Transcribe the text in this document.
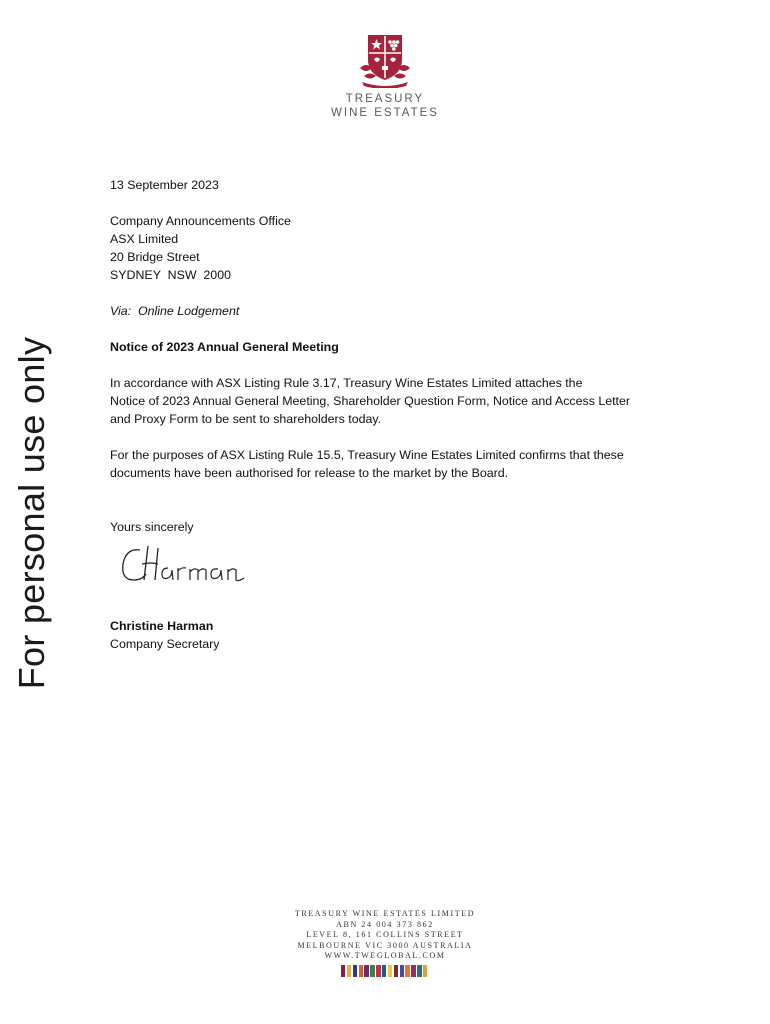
For personal use only
TREASURY
WINE ESTATES

13 September 2023

Company Announcements Office

ASX Limited

20 Bridge Street

SYDNEY  NSW  2000

Via:  Online Lodgement

Notice of 2023 Annual General Meeting

In accordance with ASX Listing Rule 3.17, Treasury Wine Estates Limited attaches the

Notice of 2023 Annual General Meeting, Shareholder Question Form, Notice and Access Letter

and Proxy Form to be sent to shareholders today.

For the purposes of ASX Listing Rule 15.5, Treasury Wine Estates Limited confirms that these

documents have been authorised for release to the market by the Board.

Yours sincerely

Christine Harman

Company Secretary

TREASURY WINE ESTATES LIMITED
ABN 24 004 373 862
LEVEL 8, 161 COLLINS STREET
MELBOURNE VIC 3000 AUSTRALIA
WWW.TWEGLOBAL.COM
